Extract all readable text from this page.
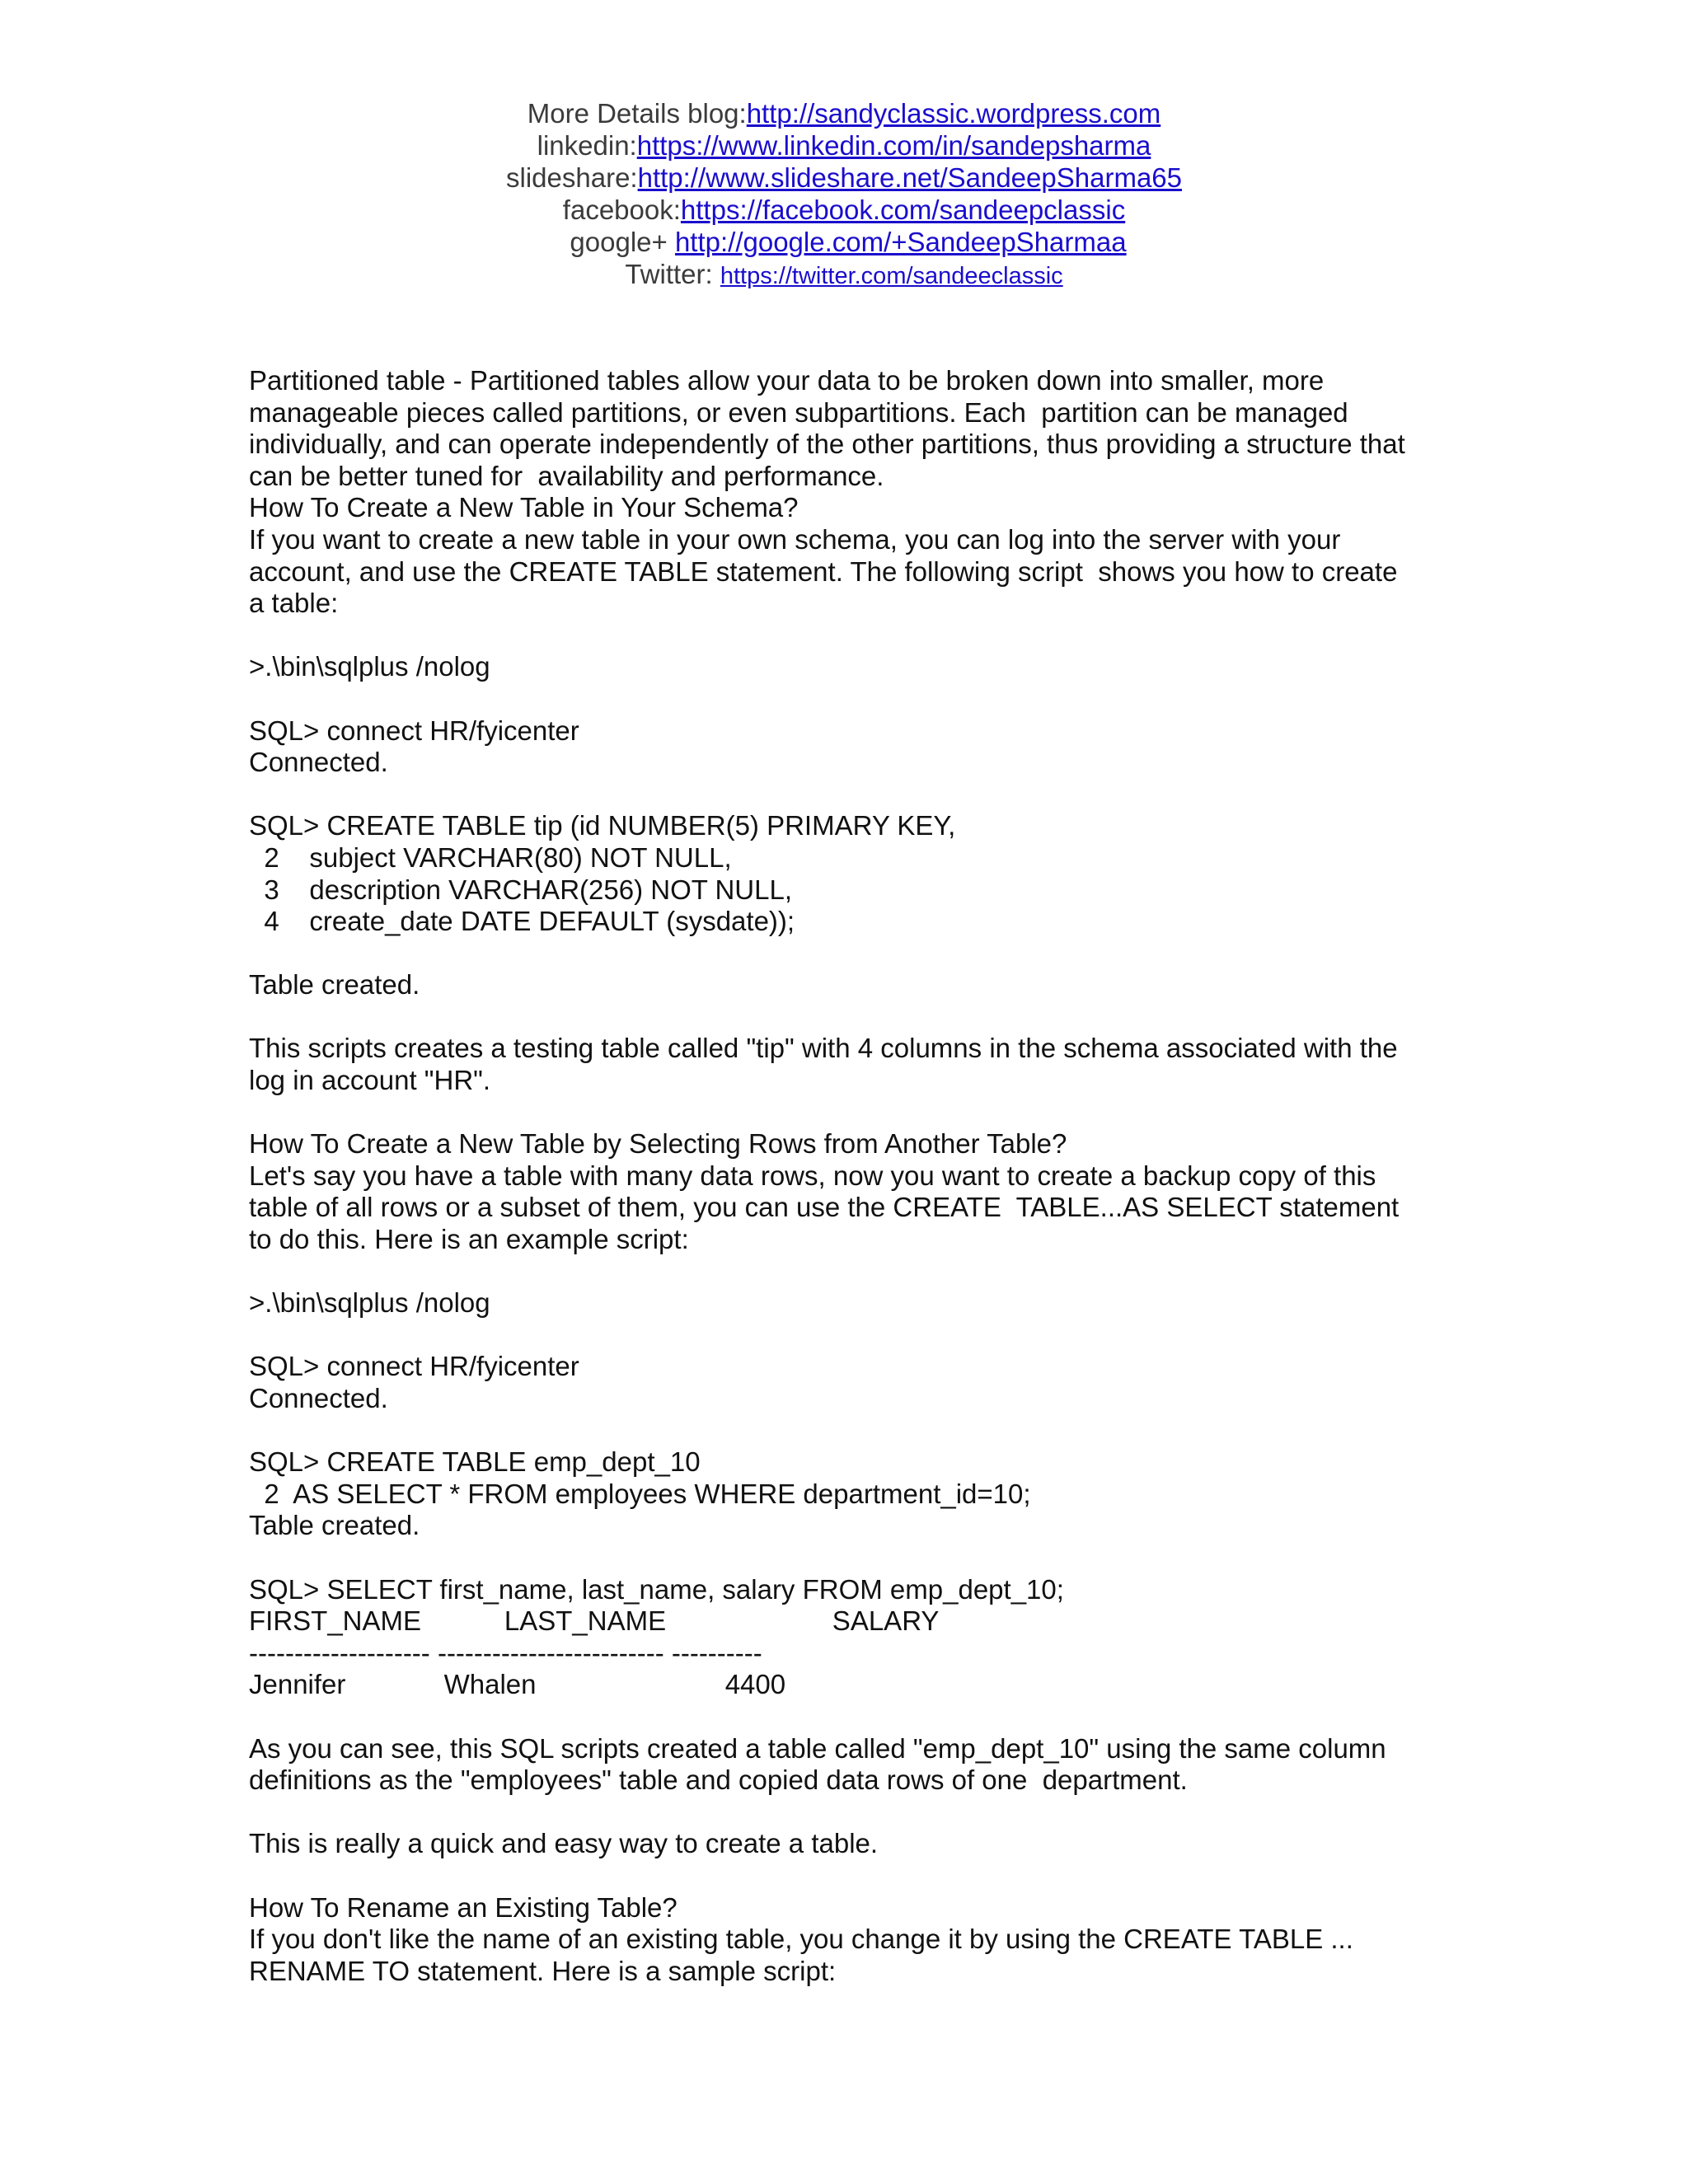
More Details blog:http://sandyclassic.wordpress.com
linkedin:https://www.linkedin.com/in/sandepsharma
slideshare:http://www.slideshare.net/SandeepSharma65
facebook:https://facebook.com/sandeepclassic
google+ http://google.com/+SandeepSharmaa
Twitter: https://twitter.com/sandeeclassic
Partitioned table - Partitioned tables allow your data to be broken down into smaller, more
manageable pieces called partitions, or even subpartitions. Each  partition can be managed
individually, and can operate independently of the other partitions, thus providing a structure that
can be better tuned for  availability and performance.
How To Create a New Table in Your Schema?
If you want to create a new table in your own schema, you can log into the server with your
account, and use the CREATE TABLE statement. The following script  shows you how to create
a table:
>.\bin\sqlplus /nolog
SQL> connect HR/fyicenter
Connected.
SQL> CREATE TABLE tip (id NUMBER(5) PRIMARY KEY,
2    subject VARCHAR(80) NOT NULL,
3    description VARCHAR(256) NOT NULL,
4    create_date DATE DEFAULT (sysdate));
Table created.
This scripts creates a testing table called "tip" with 4 columns in the schema associated with the
log in account "HR".
How To Create a New Table by Selecting Rows from Another Table?
Let's say you have a table with many data rows, now you want to create a backup copy of this
table of all rows or a subset of them, you can use the CREATE  TABLE...AS SELECT statement
to do this. Here is an example script:
>.\bin\sqlplus /nolog
SQL> connect HR/fyicenter
Connected.
SQL> CREATE TABLE emp_dept_10
2  AS SELECT * FROM employees WHERE department_id=10;
Table created.
SQL> SELECT first_name, last_name, salary FROM emp_dept_10;
FIRST_NAME           LAST_NAME                      SALARY
-------------------- ------------------------- ----------
Jennifer             Whalen                         4400
As you can see, this SQL scripts created a table called "emp_dept_10" using the same column
definitions as the "employees" table and copied data rows of one  department.
This is really a quick and easy way to create a table.
How To Rename an Existing Table?
If you don't like the name of an existing table, you change it by using the CREATE TABLE ...
RENAME TO statement. Here is a sample script:
